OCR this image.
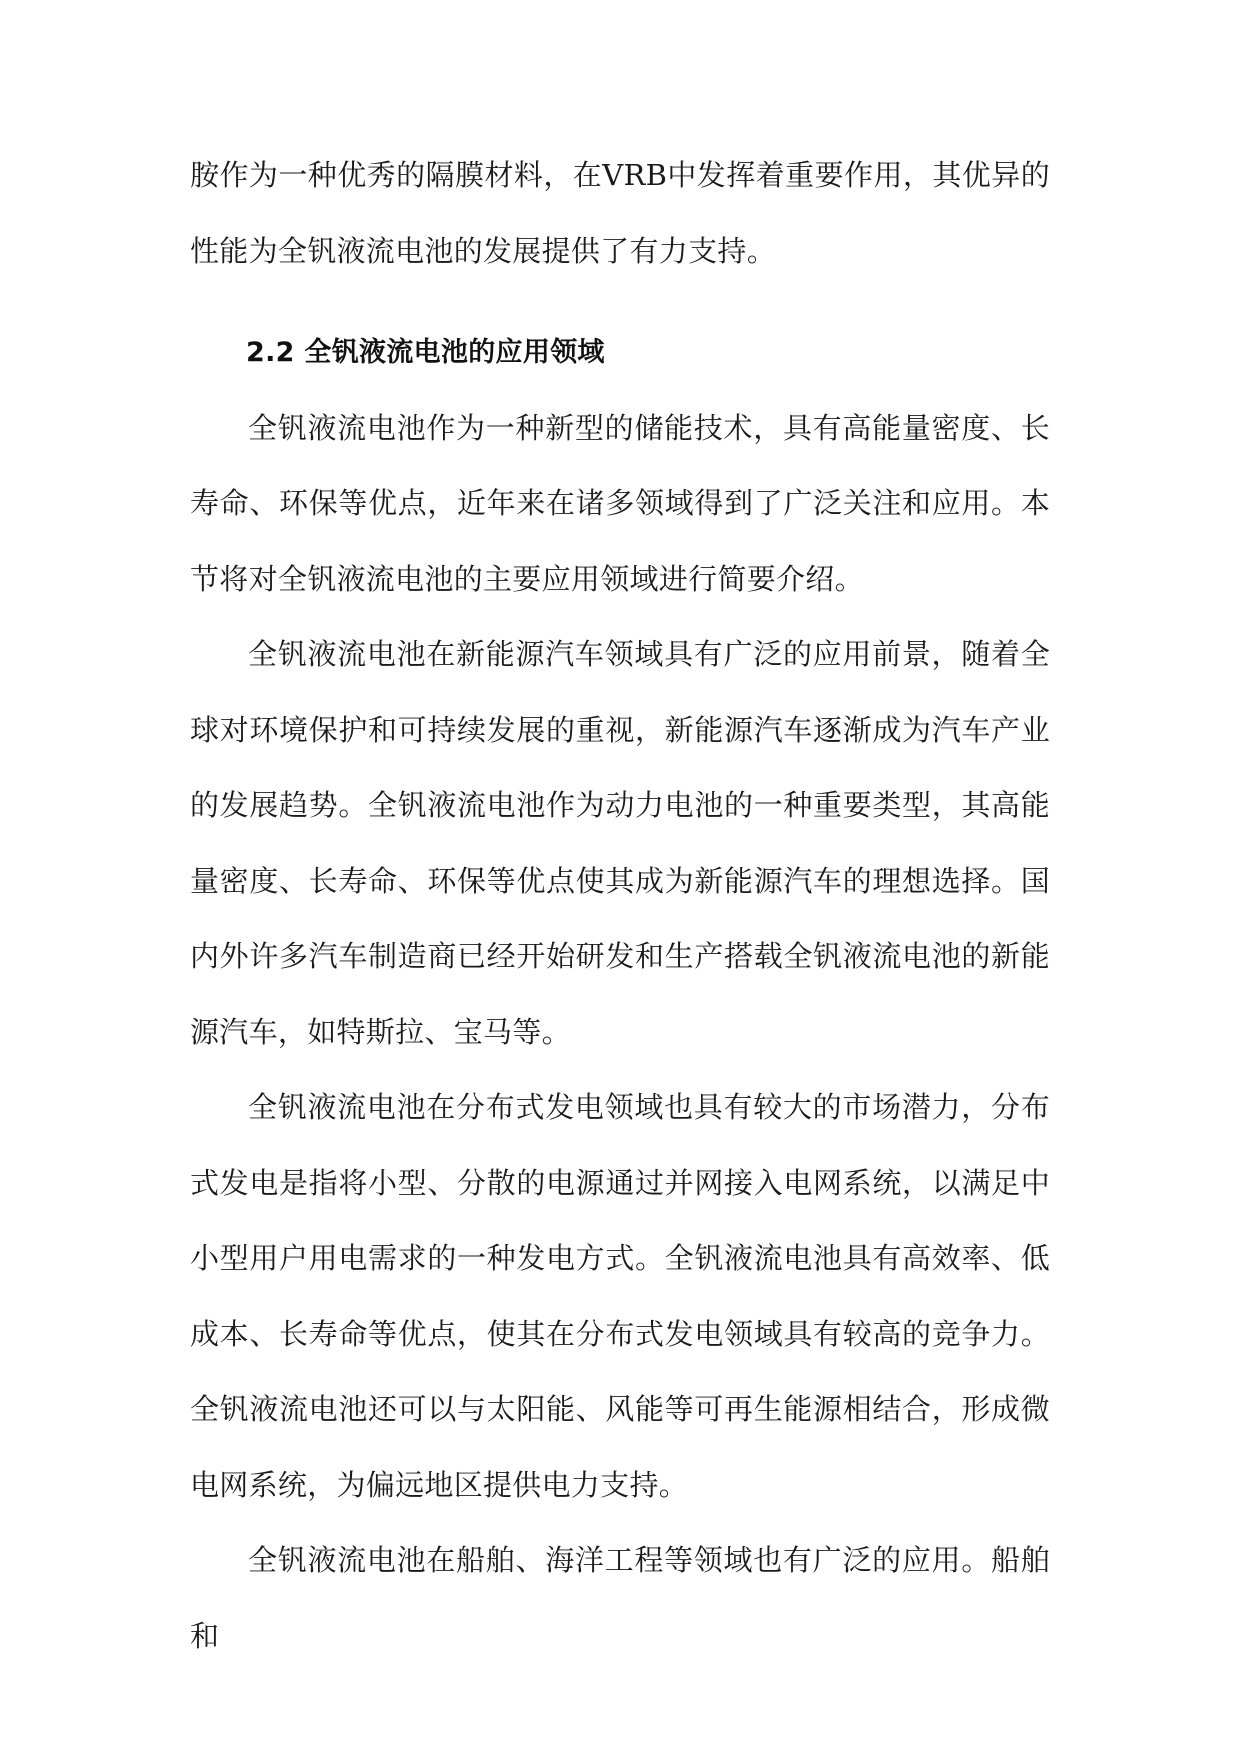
胺作为一种优秀的隔膜材料，在VRB中发挥着重要作用，其优异的性能为全钒液流电池的发展提供了有力支持。

2.2 全钒液流电池的应用领域

全钒液流电池作为一种新型的储能技术，具有高能量密度、长寿命、环保等优点，近年来在诸多领域得到了广泛关注和应用。本节将对全钒液流电池的主要应用领域进行简要介绍。

全钒液流电池在新能源汽车领域具有广泛的应用前景，随着全球对环境保护和可持续发展的重视，新能源汽车逐渐成为汽车产业的发展趋势。全钒液流电池作为动力电池的一种重要类型，其高能量密度、长寿命、环保等优点使其成为新能源汽车的理想选择。国内外许多汽车制造商已经开始研发和生产搭载全钒液流电池的新能源汽车，如特斯拉、宝马等。

全钒液流电池在分布式发电领域也具有较大的市场潜力，分布式发电是指将小型、分散的电源通过并网接入电网系统，以满足中小型用户用电需求的一种发电方式。全钒液流电池具有高效率、低成本、长寿命等优点，使其在分布式发电领域具有较高的竞争力。全钒液流电池还可以与太阳能、风能等可再生能源相结合，形成微电网系统，为偏远地区提供电力支持。

全钒液流电池在船舶、海洋工程等领域也有广泛的应用。船舶和
